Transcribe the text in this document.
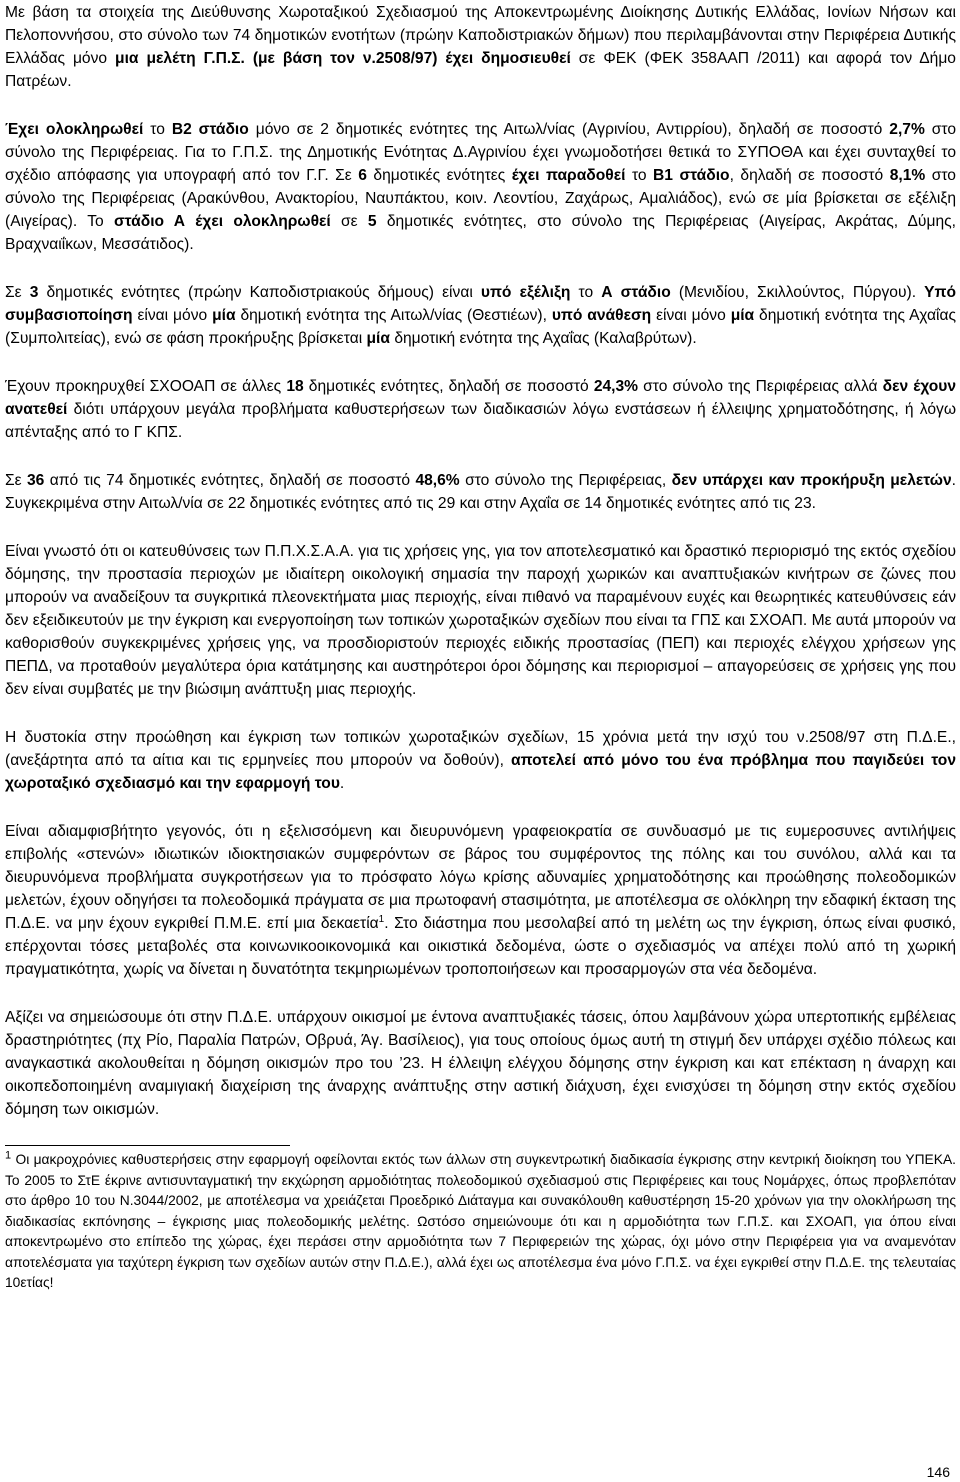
Με βάση τα στοιχεία της Διεύθυνσης Χωροταξικού Σχεδιασμού της Αποκεντρωμένης Διοίκησης Δυτικής Ελλάδας, Ιονίων Νήσων και Πελοποννήσου, στο σύνολο των 74 δημοτικών ενοτήτων (πρώην Καποδιστριακών δήμων) που περιλαμβάνονται στην Περιφέρεια Δυτικής Ελλάδας μόνο μια μελέτη Γ.Π.Σ. (με βάση τον ν.2508/97) έχει δημοσιευθεί σε ΦΕΚ (ΦΕΚ 358ΑΑΠ /2011) και αφορά τον Δήμο Πατρέων.

Έχει ολοκληρωθεί το Β2 στάδιο μόνο σε 2 δημοτικές ενότητες της Αιτωλ/νίας (Αγρινίου, Αντιρρίου), δηλαδή σε ποσοστό 2,7% στο σύνολο της Περιφέρειας. Για το Γ.Π.Σ. της Δημοτικής Ενότητας Δ.Αγρινίου έχει γνωμοδοτήσει θετικά το ΣΥΠΟΘΑ και έχει συνταχθεί το σχέδιο απόφασης για υπογραφή από τον Γ.Γ. Σε 6 δημοτικές ενότητες έχει παραδοθεί το Β1 στάδιο, δηλαδή σε ποσοστό 8,1% στο σύνολο της Περιφέρειας (Αρακύνθου, Ανακτορίου, Ναυπάκτου, κοιν. Λεοντίου, Ζαχάρως, Αμαλιάδος), ενώ σε μία βρίσκεται σε εξέλιξη (Αιγείρας). Το στάδιο Α έχει ολοκληρωθεί σε 5 δημοτικές ενότητες, στο σύνολο της Περιφέρειας (Αιγείρας, Ακράτας, Δύμης, Βραχναιΐκων, Μεσσάτιδος).

Σε 3 δημοτικές ενότητες (πρώην Καποδιστριακούς δήμους) είναι υπό εξέλιξη το Α στάδιο (Μενιδίου, Σκιλλούντος, Πύργου). Υπό συμβασιοποίηση είναι μόνο μία δημοτική ενότητα της Αιτωλ/νίας (Θεστιέων), υπό ανάθεση είναι μόνο μία δημοτική ενότητα της Αχαΐας (Συμπολιτείας), ενώ σε φάση προκήρυξης βρίσκεται μία δημοτική ενότητα της Αχαΐας (Καλαβρύτων).

Έχουν προκηρυχθεί ΣΧΟΟΑΠ σε άλλες 18 δημοτικές ενότητες, δηλαδή σε ποσοστό 24,3% στο σύνολο της Περιφέρειας αλλά δεν έχουν ανατεθεί διότι υπάρχουν μεγάλα προβλήματα καθυστερήσεων των διαδικασιών λόγω ενστάσεων ή έλλειψης χρηματοδότησης, ή λόγω απένταξης από το Γ ΚΠΣ.

Σε 36 από τις 74 δημοτικές ενότητες, δηλαδή σε ποσοστό 48,6% στο σύνολο της Περιφέρειας, δεν υπάρχει καν προκήρυξη μελετών. Συγκεκριμένα στην Αιτωλ/νία σε 22 δημοτικές ενότητες από τις 29 και στην Αχαΐα σε 14 δημοτικές ενότητες από τις 23.

Είναι γνωστό ότι οι κατευθύνσεις των Π.Π.Χ.Σ.Α.Α. για τις χρήσεις γης, για τον αποτελεσματικό και δραστικό περιορισμό της εκτός σχεδίου δόμησης, την προστασία περιοχών με ιδιαίτερη οικολογική σημασία την παροχή χωρικών και αναπτυξιακών κινήτρων σε ζώνες που μπορούν να αναδείξουν τα συγκριτικά πλεονεκτήματα μιας περιοχής, είναι πιθανό να παραμένουν ευχές και θεωρητικές κατευθύνσεις εάν δεν εξειδικευτούν με την έγκριση και ενεργοποίηση των τοπικών χωροταξικών σχεδίων που είναι τα ΓΠΣ και ΣΧΟΑΠ. Με αυτά μπορούν να καθορισθούν συγκεκριμένες χρήσεις γης, να προσδιοριστούν περιοχές ειδικής προστασίας (ΠΕΠ) και περιοχές ελέγχου χρήσεων γης ΠΕΠΔ, να προταθούν μεγαλύτερα όρια κατάτμησης και αυστηρότεροι όροι δόμησης και περιορισμοί – απαγορεύσεις σε χρήσεις γης που δεν είναι συμβατές με την βιώσιμη ανάπτυξη μιας περιοχής.

Η δυστοκία στην προώθηση και έγκριση των τοπικών χωροταξικών σχεδίων, 15 χρόνια μετά την ισχύ του ν.2508/97 στη Π.Δ.Ε., (ανεξάρτητα από τα αίτια και τις ερμηνείες που μπορούν να δοθούν), αποτελεί από μόνο του ένα πρόβλημα που παγιδεύει τον χωροταξικό σχεδιασμό και την εφαρμογή του.

Είναι αδιαμφισβήτητο γεγονός, ότι η εξελισσόμενη και διευρυνόμενη γραφειοκρατία σε συνδυασμό με τις ευμεροσυνες αντιλήψεις επιβολής «στενών» ιδιωτικών ιδιοκτησιακών συμφερόντων σε βάρος του συμφέροντος της πόλης και του συνόλου, αλλά και τα διευρυνόμενα προβλήματα συγκροτήσεων για το πρόσφατο λόγω κρίσης αδυναμίες χρηματοδότησης και προώθησης πολεοδομικών μελετών, έχουν οδηγήσει τα πολεοδομικά πράγματα σε μια πρωτοφανή στασιμότητα, με αποτέλεσμα σε ολόκληρη την εδαφική έκταση της Π.Δ.Ε. να μην έχουν εγκριθεί Π.Μ.Ε. επί μια δεκαετία$^1$. Στο διάστημα που μεσολαβεί από τη μελέτη ως την έγκριση, όπως είναι φυσικό, επέρχονται τόσες μεταβολές στα κοινωνικοοικονομικά και οικιστικά δεδομένα, ώστε ο σχεδιασμός να απέχει πολύ από τη χωρική πραγματικότητα, χωρίς να δίνεται η δυνατότητα τεκμηριωμένων τροποποιήσεων και προσαρμογών στα νέα δεδομένα.

Αξίζει να σημειώσουμε ότι στην Π.Δ.Ε. υπάρχουν οικισμοί με έντονα αναπτυξιακές τάσεις, όπου λαμβάνουν χώρα υπερτοπικής εμβέλειας δραστηριότητες (πχ Ρίο, Παραλία Πατρών, Οβρυά, Άγ. Βασίλειος), για τους οποίους όμως αυτή τη στιγμή δεν υπάρχει σχέδιο πόλεως και αναγκαστικά ακολουθείται η δόμηση οικισμών προ του ’23. Η έλλειψη ελέγχου δόμησης στην έγκριση και κατ επέκταση η άναρχη και οικοπεδοποιημένη αναμιγιακή διαχείριση της άναρχης ανάπτυξης στην αστική διάχυση, έχει ενισχύσει τη δόμηση στην εκτός σχεδίου δόμηση των οικισμών.

$^1$ Οι μακροχρόνιες καθυστερήσεις στην εφαρμογή οφείλονται εκτός των άλλων στη συγκεντρωτική διαδικασία έγκρισης στην κεντρική διοίκηση του ΥΠΕΚΑ. Το 2005 το ΣτΕ έκρινε αντισυνταγματική την εκχώρηση αρμοδιότητας πολεοδομικού σχεδιασμού στις Περιφέρειες και τους Νομάρχες, όπως προβλεπόταν στο άρθρο 10 του Ν.3044/2002, με αποτέλεσμα να χρειάζεται Προεδρικό Διάταγμα και συνακόλουθη καθυστέρηση 15-20 χρόνων για την ολοκλήρωση της διαδικασίας εκπόνησης – έγκρισης μιας πολεοδομικής μελέτης. Ωστόσο σημειώνουμε ότι και η αρμοδιότητα των Γ.Π.Σ. και ΣΧΟΑΠ, για όπου είναι αποκεντρωμένο στο επίπεδο της χώρας, έχει περάσει στην αρμοδιότητα των 7 Περιφερειών της χώρας, όχι μόνο στην Περιφέρεια για να αναμενόταν αποτελέσματα για ταχύτερη έγκριση των σχεδίων αυτών στην Π.Δ.Ε.), αλλά έχει ως αποτέλεσμα ένα μόνο Γ.Π.Σ. να έχει εγκριθεί στην Π.Δ.Ε. της τελευταίας 10ετίας!

146
